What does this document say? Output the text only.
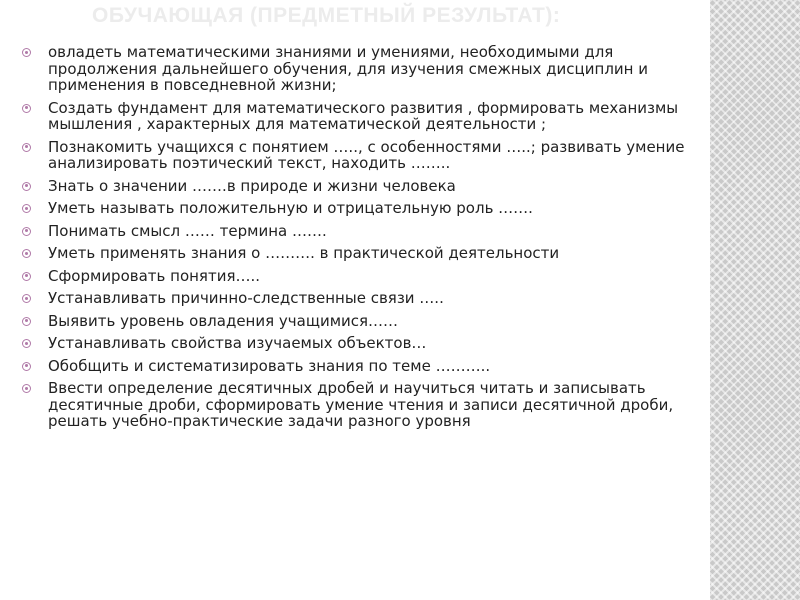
ОБУЧАЮЩАЯ (ПРЕДМЕТНЫЙ РЕЗУЛЬТАТ):
овладеть математическими знаниями и умениями, необходимыми для продолжения дальнейшего обучения, для изучения смежных дисциплин и применения в повседневной жизни;
Создать фундамент для математического развития , формировать механизмы мышления , характерных для математической деятельности ;
Познакомить учащихся с понятием ….., с особенностями …..; развивать умение анализировать поэтический текст, находить ……..
Знать о значении …….в природе и жизни человека
Уметь называть положительную и отрицательную роль …….
Понимать смысл …… термина …….
Уметь применять знания о ………. в практической деятельности
Сформировать понятия…..
Устанавливать причинно-следственные связи …..
Выявить уровень овладения учащимися……
Устанавливать свойства изучаемых объектов…
Обобщить и систематизировать знания по теме ………..
Ввести определение десятичных дробей и научиться читать и записывать десятичные дроби, сформировать умение чтения и записи десятичной дроби, решать учебно-практические задачи разного уровня
